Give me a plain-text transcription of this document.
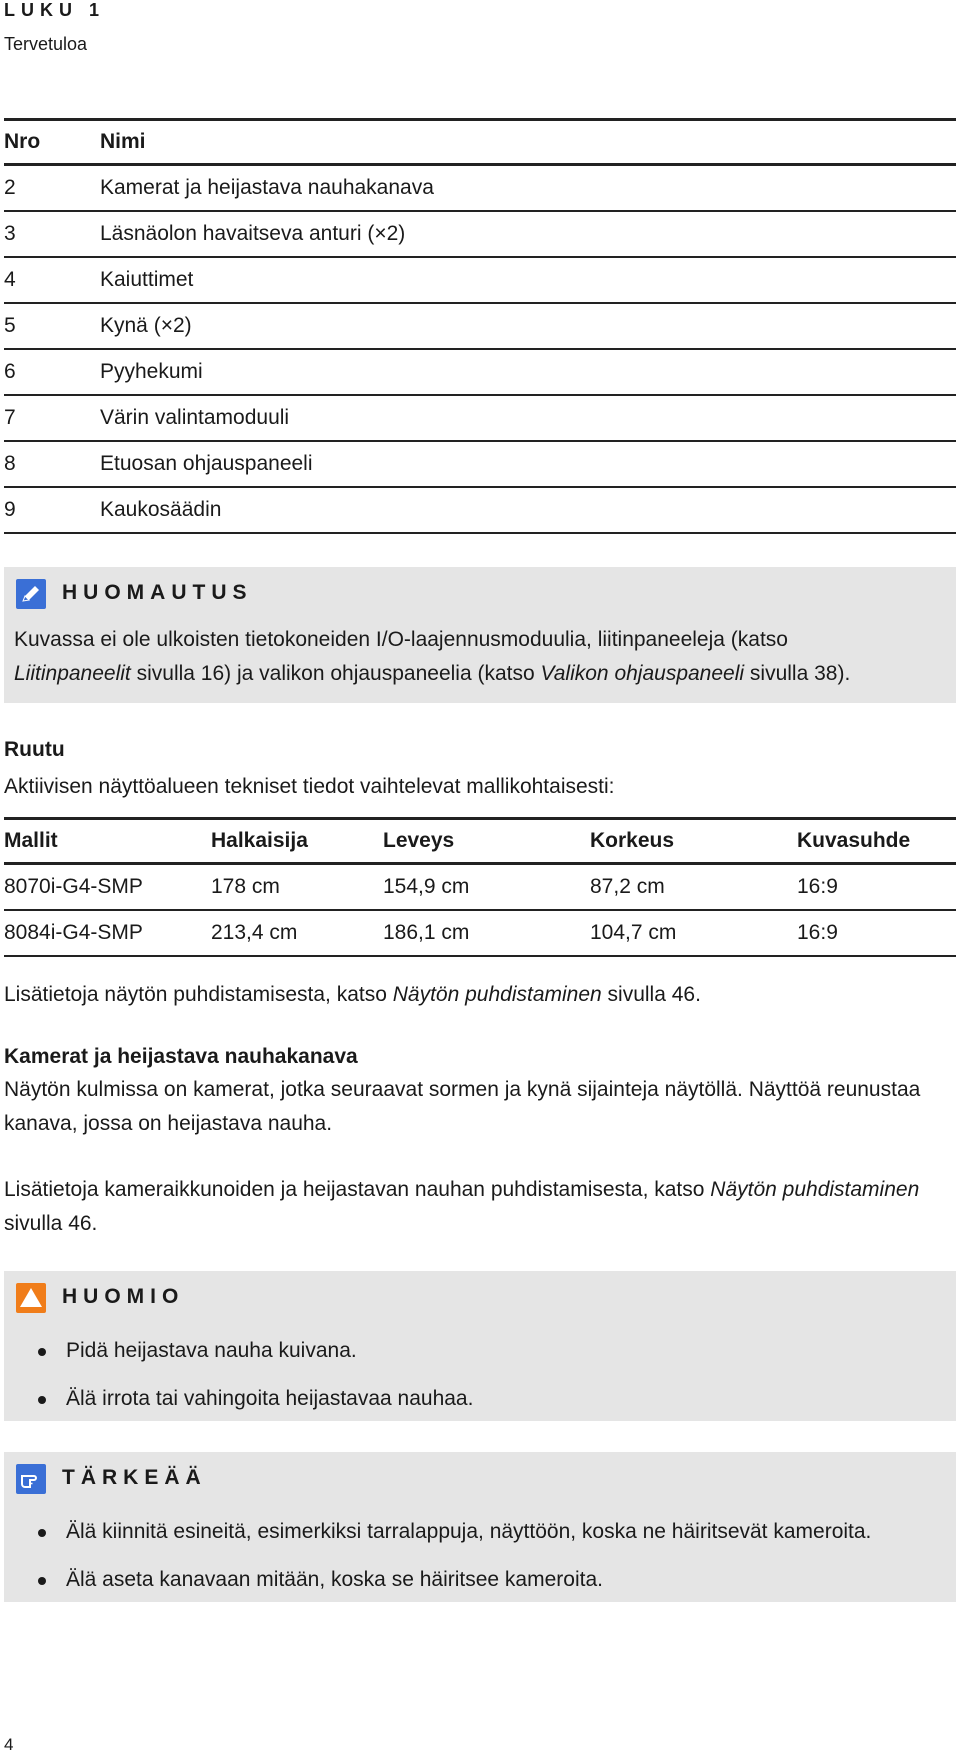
LUKU 1
Tervetuloa
Nro	Nimi
2	Kamerat ja heijastava nauhakanava
3	Läsnäolon havaitseva anturi (×2)
4	Kaiuttimet
5	Kynä (×2)
6	Pyyhekumi
7	Värin valintamoduuli
8	Etuosan ohjauspaneeli
9	Kaukosäädin
HUOMAUTUS
Kuvassa ei ole ulkoisten tietokoneiden I/O-laajennusmoduulia, liitinpaneeleja (katso
Liitinpaneelit sivulla 16) ja valikon ohjauspaneelia (katso Valikon ohjauspaneeli sivulla 38).
Ruutu
Aktiivisen näyttöalueen tekniset tiedot vaihtelevat mallikohtaisesti:
Mallit	Halkaisija	Leveys	Korkeus	Kuvasuhde
8070i-G4-SMP	178 cm	154,9 cm	87,2 cm	16:9
8084i-G4-SMP	213,4 cm	186,1 cm	104,7 cm	16:9
Lisätietoja näytön puhdistamisesta, katso Näytön puhdistaminen sivulla 46.
Kamerat ja heijastava nauhakanava
Näytön kulmissa on kamerat, jotka seuraavat sormen ja kynä sijainteja näytöllä. Näyttöä reunustaa kanava, jossa on heijastava nauha.
Lisätietoja kameraikkunoiden ja heijastavan nauhan puhdistamisesta, katso Näytön puhdistaminen sivulla 46.
HUOMIO
Pidä heijastava nauha kuivana.
Älä irrota tai vahingoita heijastavaa nauhaa.
TÄRKEÄÄ
Älä kiinnitä esineitä, esimerkiksi tarralappuja, näyttöön, koska ne häiritsevät kameroita.
Älä aseta kanavaan mitään, koska se häiritsee kameroita.
4
